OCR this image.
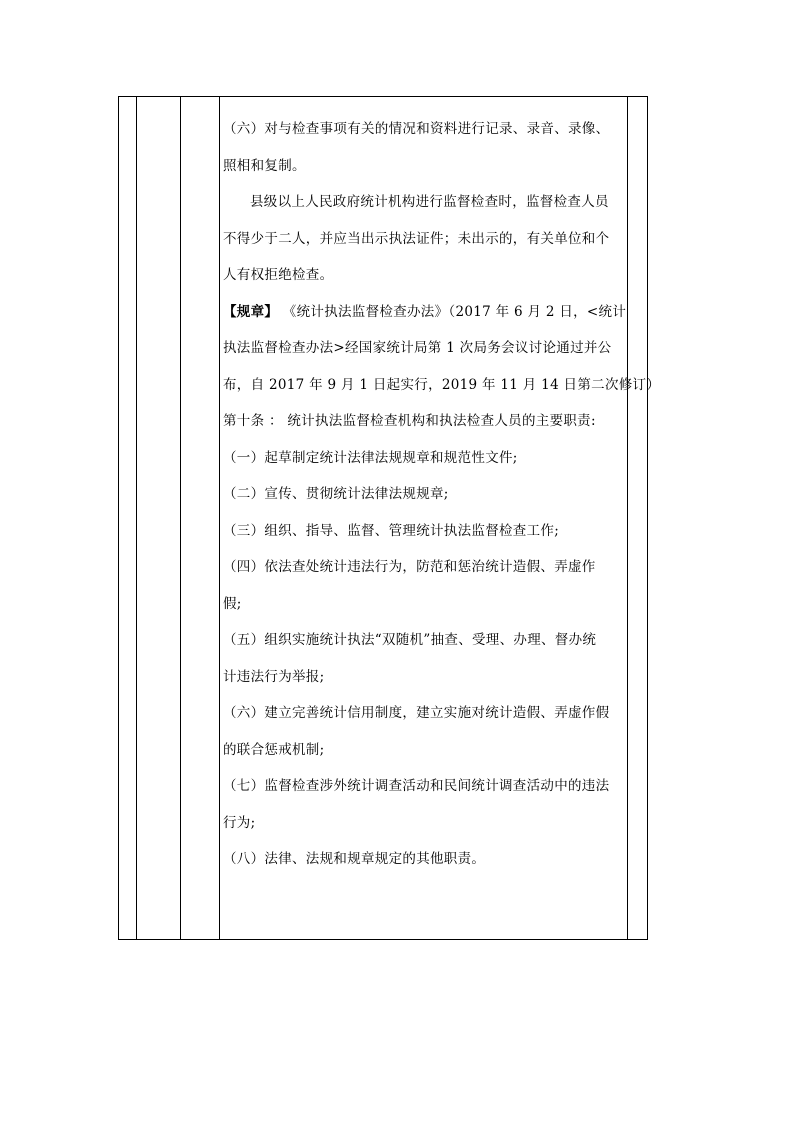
（六）对与检查事项有关的情况和资料进行记录、录音、录像、
照相和复制。
县级以上人民政府统计机构进行监督检查时，监督检查人员
不得少于二人，并应当出示执法证件；未出示的，有关单位和个
人有权拒绝检查。
【规章】 《统计执法监督检查办法》（2017 年 6 月 2 日，<统计
执法监督检查办法>经国家统计局第 1 次局务会议讨论通过并公
布，自 2017 年 9 月 1 日起实行，2019 年 11 月 14 日第二次修订）
第十条 ： 统计执法监督检查机构和执法检查人员的主要职责:
（一）起草制定统计法律法规规章和规范性文件;
（二）宣传、贯彻统计法律法规规章;
（三）组织、指导、监督、管理统计执法监督检查工作;
（四）依法查处统计违法行为，防范和惩治统计造假、弄虚作
假;
（五）组织实施统计执法“双随机”抽查、受理、办理、督办统
计违法行为举报;
（六）建立完善统计信用制度，建立实施对统计造假、弄虚作假
的联合惩戒机制;
（七）监督检查涉外统计调查活动和民间统计调查活动中的违法
行为;
（八）法律、法规和规章规定的其他职责。
